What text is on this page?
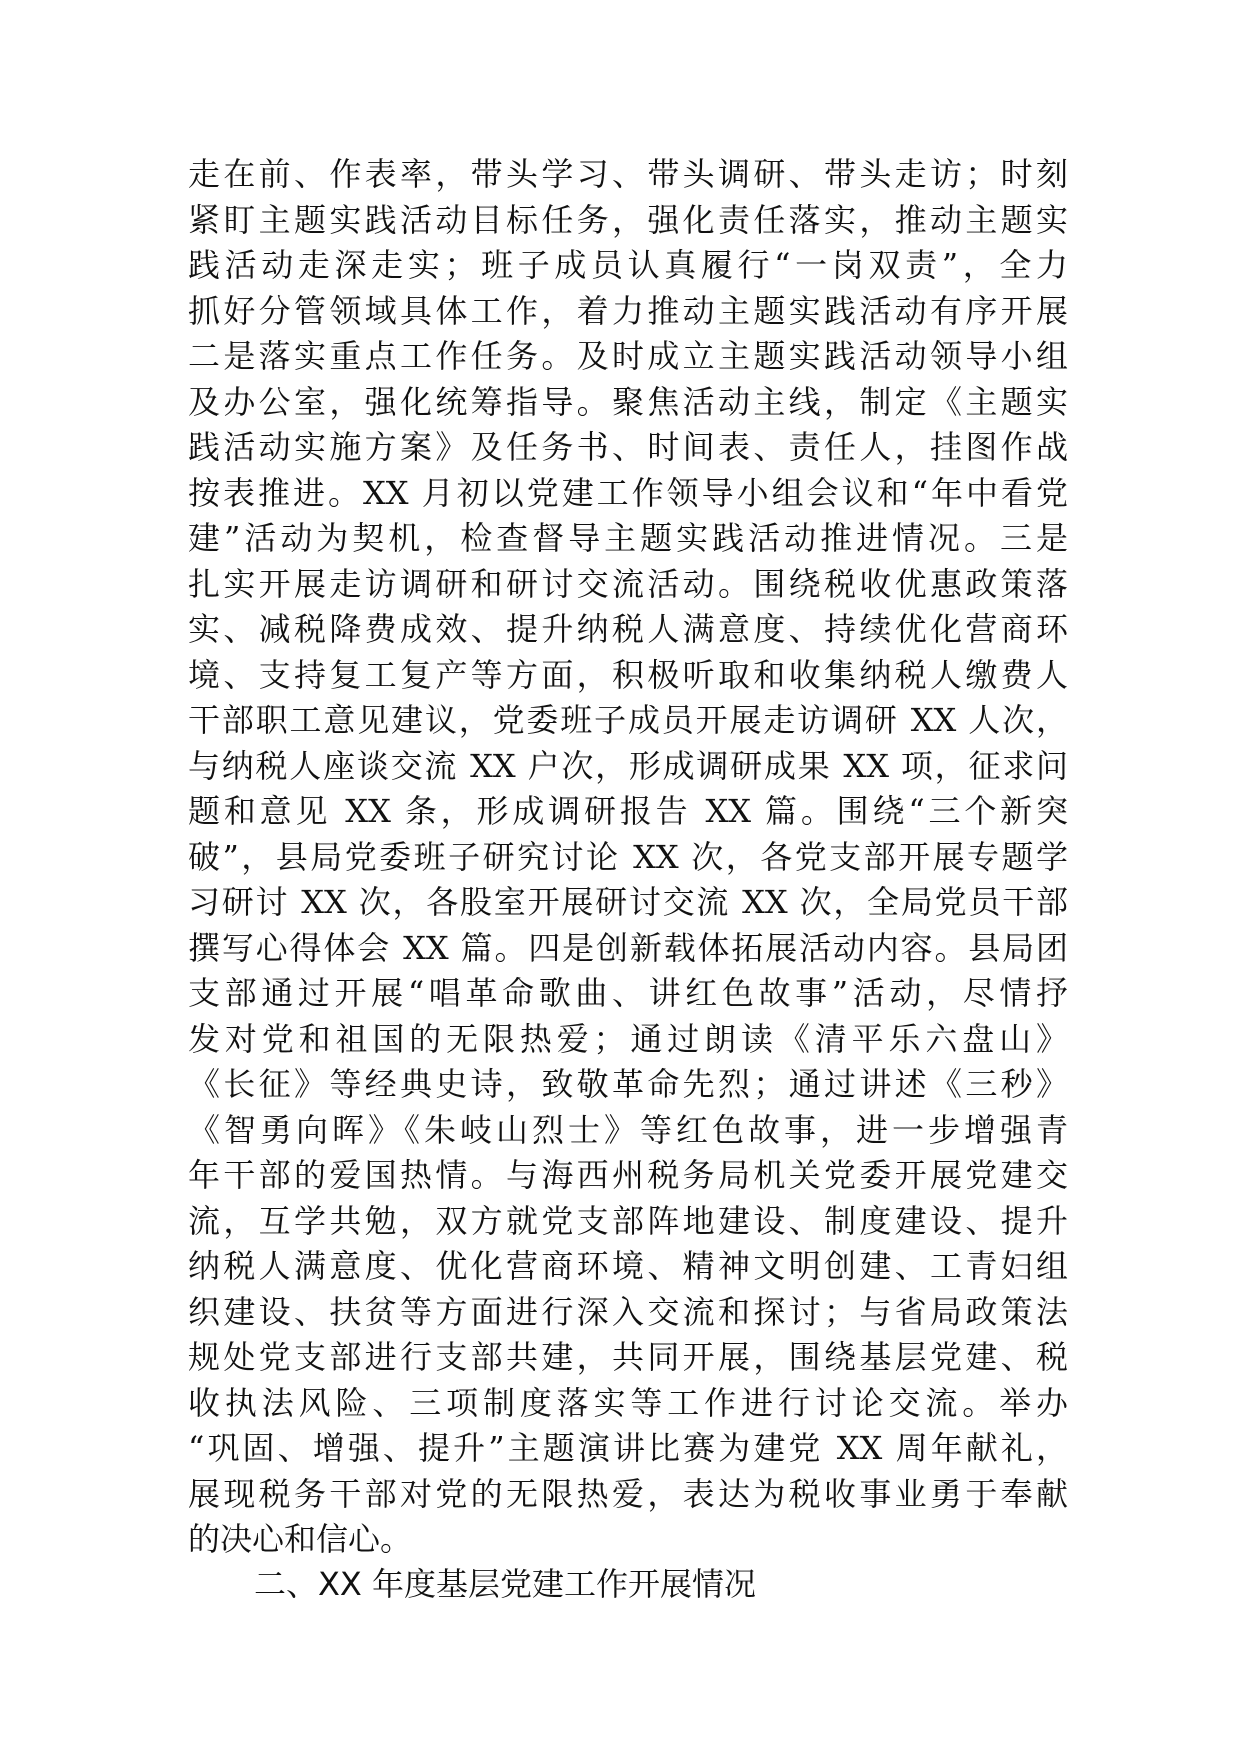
走在前、作表率，带头学习、带头调研、带头走访；时刻
紧盯主题实践活动目标任务，强化责任落实，推动主题实
践活动走深走实；班子成员认真履行“一岗双责”，全力
抓好分管领域具体工作，着力推动主题实践活动有序开展
二是落实重点工作任务。及时成立主题实践活动领导小组
及办公室，强化统筹指导。聚焦活动主线，制定《主题实
践活动实施方案》及任务书、时间表、责任人，挂图作战
按表推进。XX 月初以党建工作领导小组会议和“年中看党
建”活动为契机，检查督导主题实践活动推进情况。三是
扎实开展走访调研和研讨交流活动。围绕税收优惠政策落
实、减税降费成效、提升纳税人满意度、持续优化营商环
境、支持复工复产等方面，积极听取和收集纳税人缴费人
干部职工意见建议，党委班子成员开展走访调研 XX 人次，
与纳税人座谈交流 XX 户次，形成调研成果 XX 项，征求问
题和意见 XX 条，形成调研报告 XX 篇。围绕“三个新突
破”，县局党委班子研究讨论 XX 次，各党支部开展专题学
习研讨 XX 次，各股室开展研讨交流 XX 次，全局党员干部
撰写心得体会 XX 篇。四是创新载体拓展活动内容。县局团
支部通过开展“唱革命歌曲、讲红色故事”活动，尽情抒
发对党和祖国的无限热爱；通过朗读《清平乐六盘山》
《长征》等经典史诗，致敬革命先烈；通过讲述《三秒》
《智勇向晖》《朱岐山烈士》等红色故事，进一步增强青
年干部的爱国热情。与海西州税务局机关党委开展党建交
流，互学共勉，双方就党支部阵地建设、制度建设、提升
纳税人满意度、优化营商环境、精神文明创建、工青妇组
织建设、扶贫等方面进行深入交流和探讨；与省局政策法
规处党支部进行支部共建，共同开展，围绕基层党建、税
收执法风险、三项制度落实等工作进行讨论交流。举办
“巩固、增强、提升”主题演讲比赛为建党 XX 周年献礼，
展现税务干部对党的无限热爱，表达为税收事业勇于奉献
的决心和信心。
二、XX 年度基层党建工作开展情况
